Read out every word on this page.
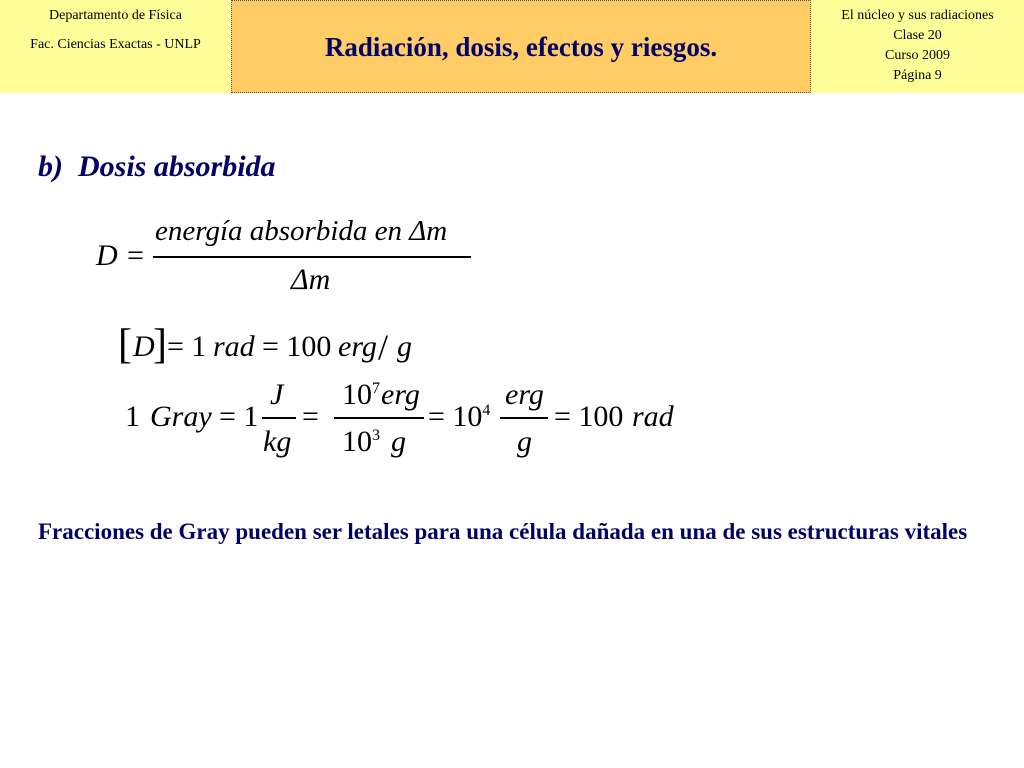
Departamento de Física
Fac. Ciencias Exactas - UNLP	Radiación, dosis, efectos y riesgos.
El núcleo y sus radiaciones
Clase 20
Curso 2009
Página 9
b) Dosis absorbida
D =
energía absorbida en Δm
Δm
[ D
] = 1 rad = 100 erg / g
1 Gray = 1
J
kg
=
$10^7$ erg
$10^3$ g
= $10^4$ erg
g
= 100 rad
Fracciones de Gray pueden ser letales para una célula dañada en una de sus estructuras vitales
